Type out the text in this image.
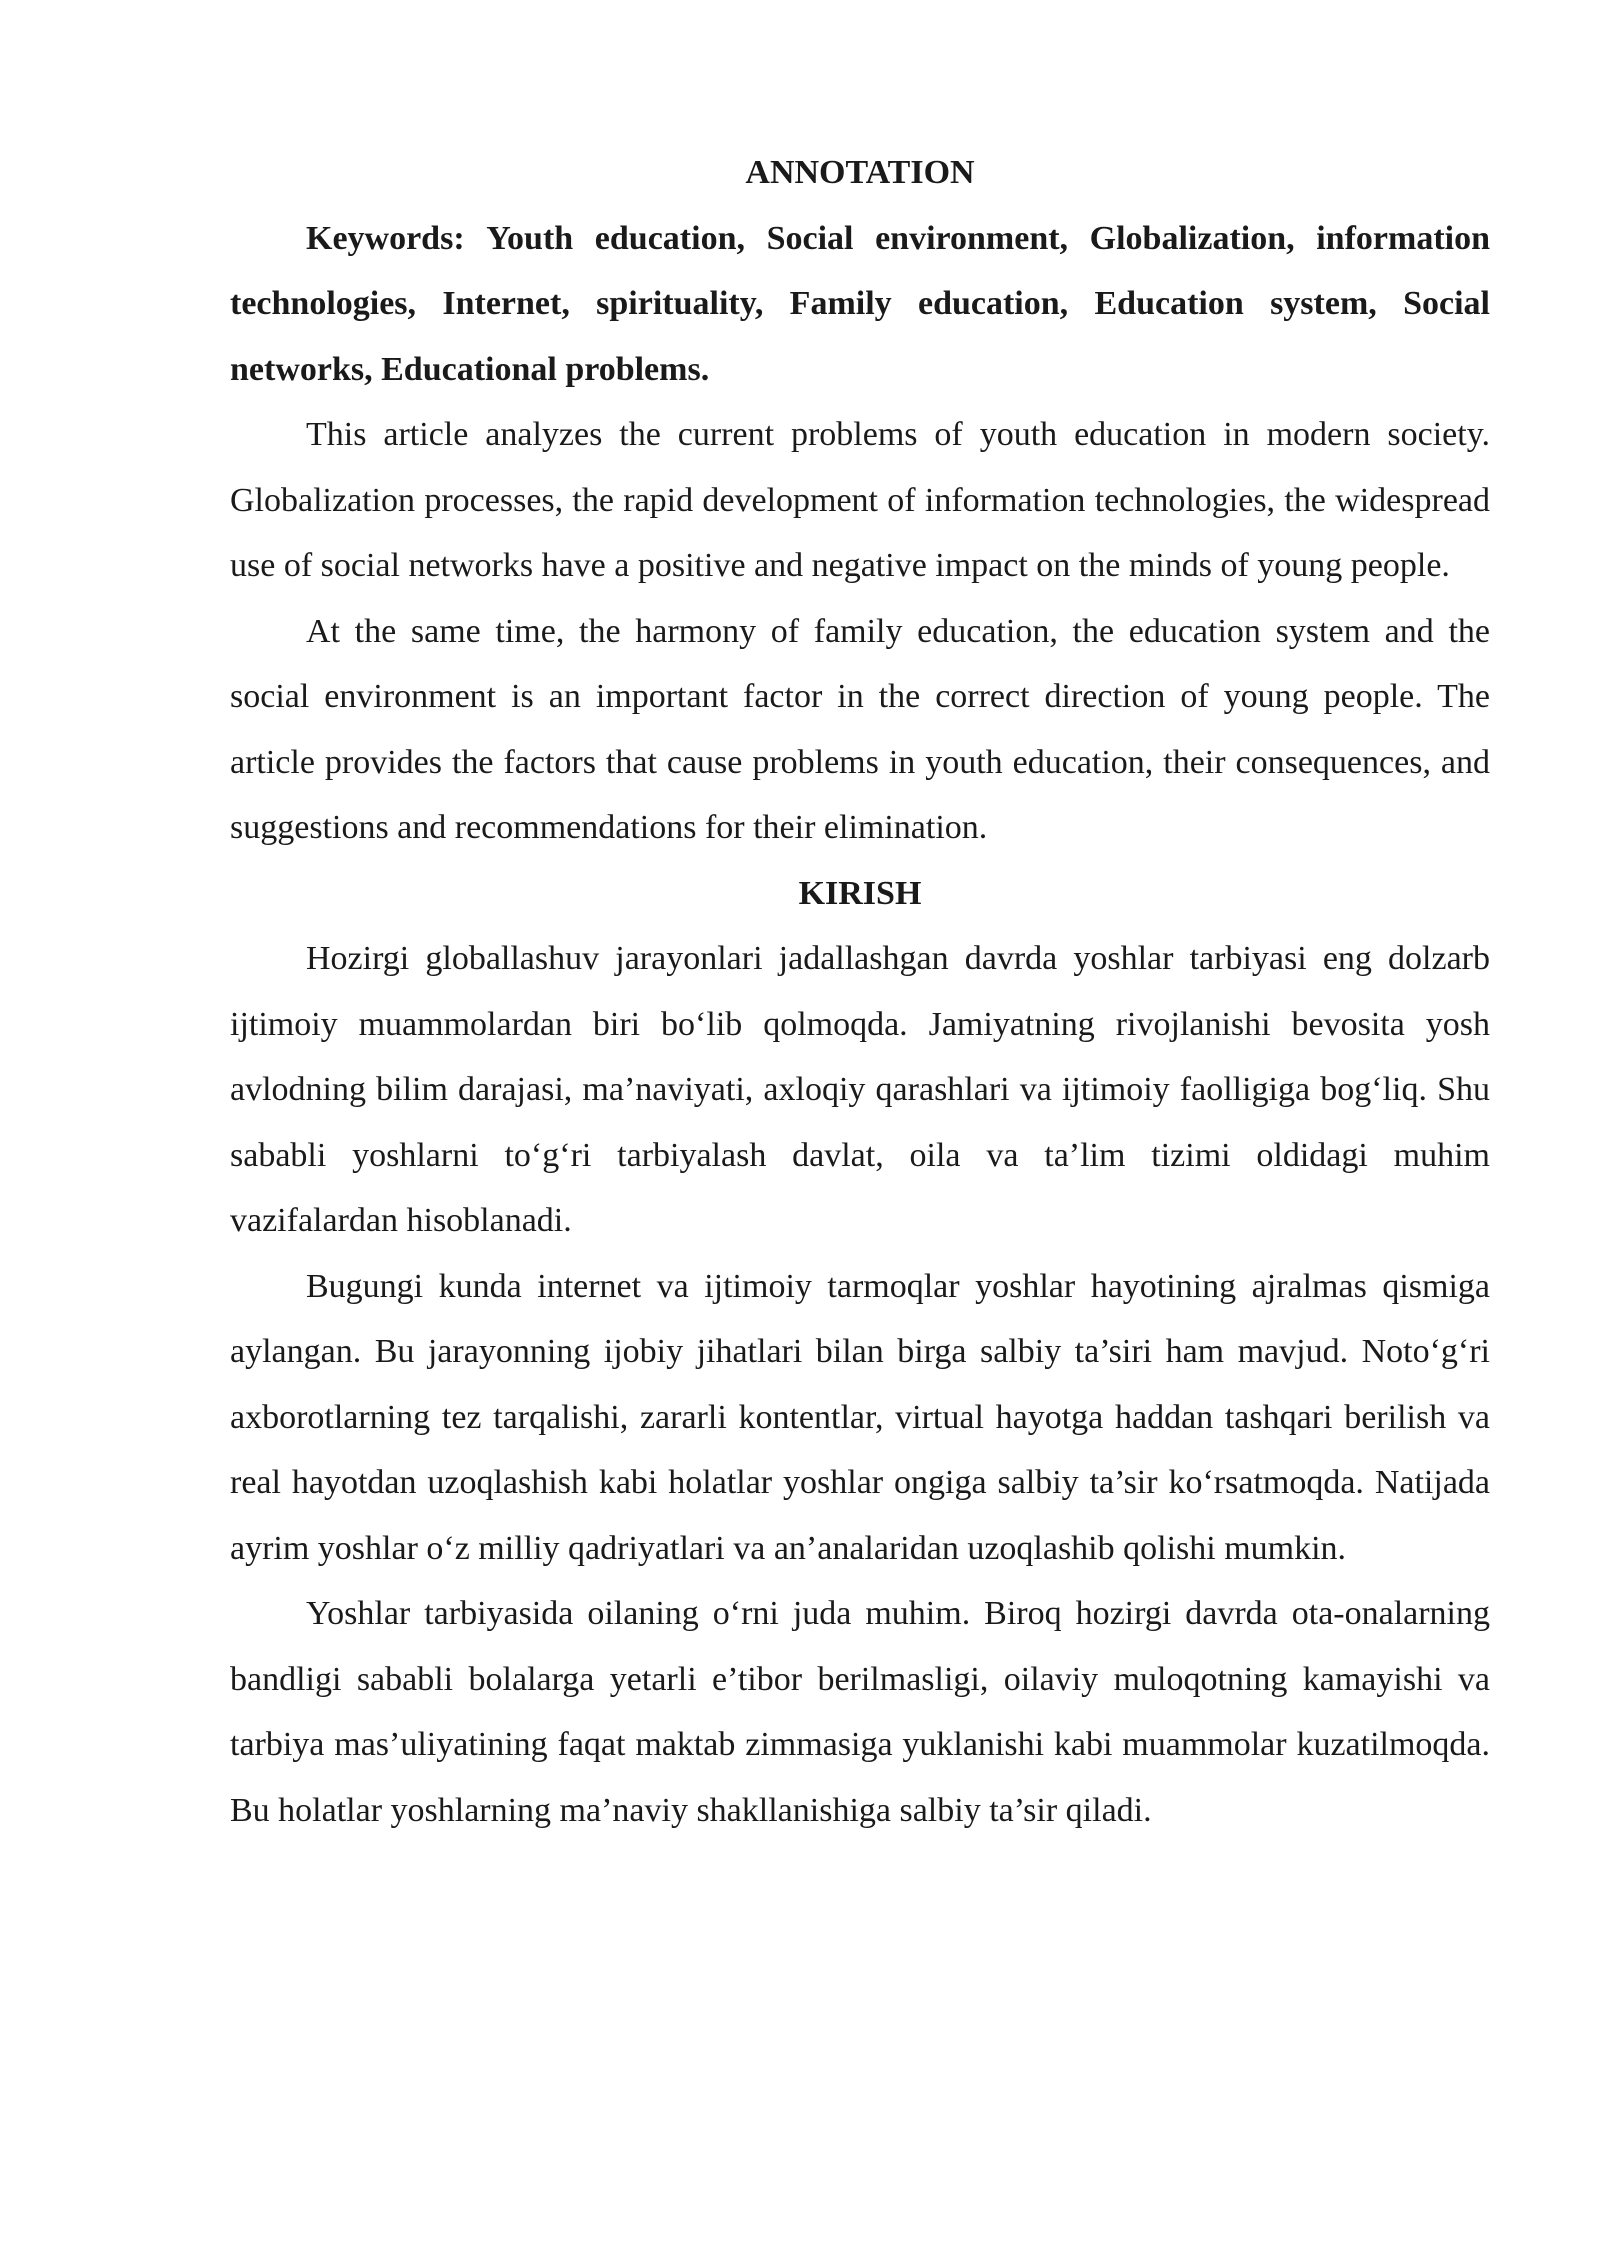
ANNOTATION

Keywords: Youth education, Social environment, Globalization, information technologies, Internet, spirituality, Family education, Education system, Social networks, Educational problems.

This article analyzes the current problems of youth education in modern society. Globalization processes, the rapid development of information technologies, the widespread use of social networks have a positive and negative impact on the minds of young people.

At the same time, the harmony of family education, the education system and the social environment is an important factor in the correct direction of young people. The article provides the factors that cause problems in youth education, their consequences, and suggestions and recommendations for their elimination.

KIRISH

Hozirgi globallashuv jarayonlari jadallashgan davrda yoshlar tarbiyasi eng dolzarb ijtimoiy muammolardan biri bo‘lib qolmoqda. Jamiyatning rivojlanishi bevosita yosh avlodning bilim darajasi, ma’naviyati, axloqiy qarashlari va ijtimoiy faolligiga bog‘liq. Shu sababli yoshlarni to‘g‘ri tarbiyalash davlat, oila va ta’lim tizimi oldidagi muhim vazifalardan hisoblanadi.

Bugungi kunda internet va ijtimoiy tarmoqlar yoshlar hayotining ajralmas qismiga aylangan. Bu jarayonning ijobiy jihatlari bilan birga salbiy ta’siri ham mavjud. Noto‘g‘ri axborotlarning tez tarqalishi, zararli kontentlar, virtual hayotga haddan tashqari berilish va real hayotdan uzoqlashish kabi holatlar yoshlar ongiga salbiy ta’sir ko‘rsatmoqda. Natijada ayrim yoshlar o‘z milliy qadriyatlari va an’analaridan uzoqlashib qolishi mumkin.

Yoshlar tarbiyasida oilaning o‘rni juda muhim. Biroq hozirgi davrda ota-onalarning bandligi sababli bolalarga yetarli e’tibor berilmasligi, oilaviy muloqotning kamayishi va tarbiya mas’uliyatining faqat maktab zimmasiga yuklanishi kabi muammolar kuzatilmoqda. Bu holatlar yoshlarning ma’naviy shakllanishiga salbiy ta’sir qiladi.
